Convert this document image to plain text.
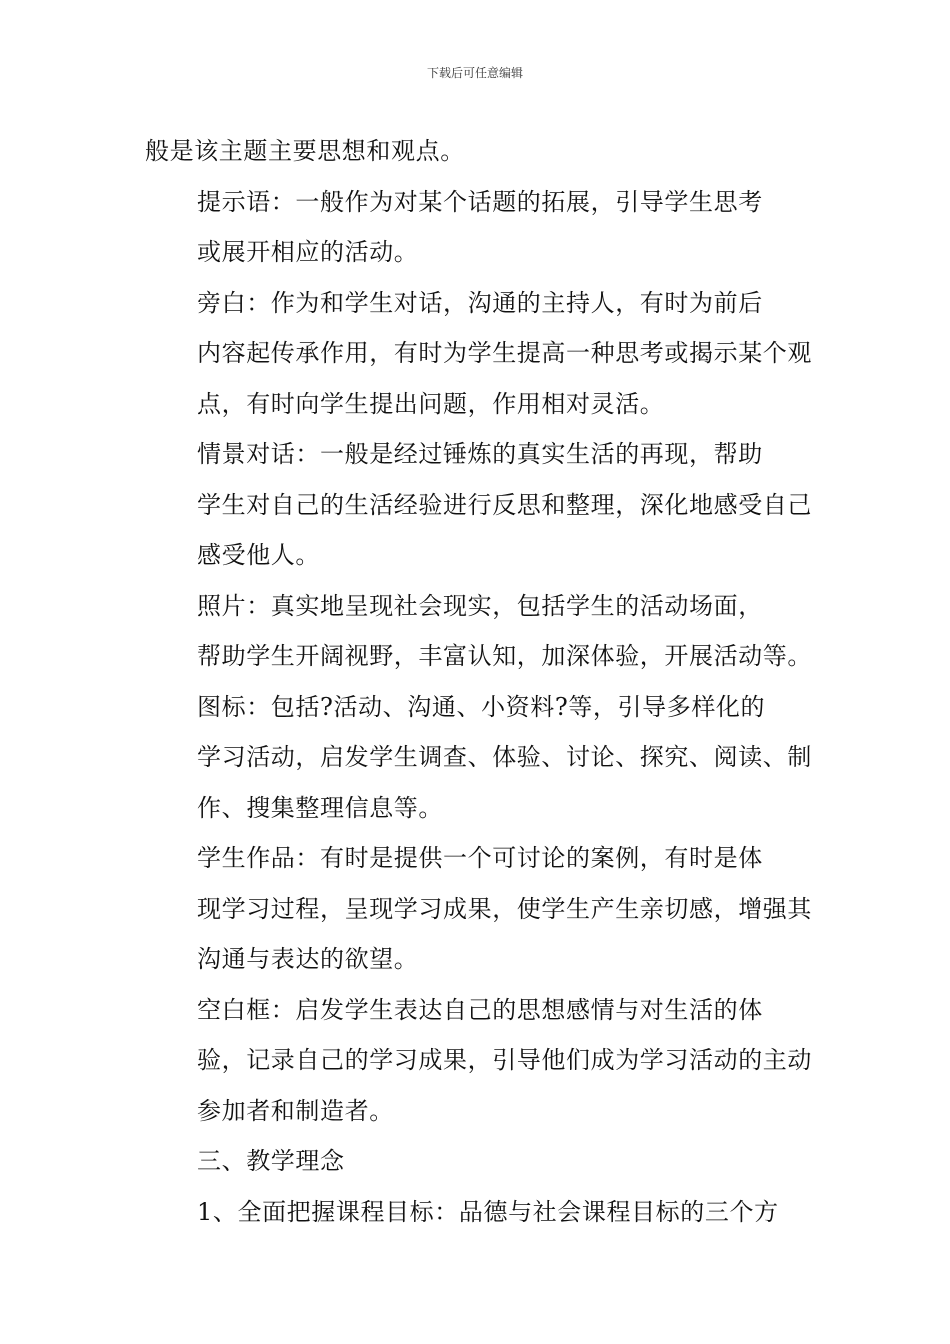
下载后可任意编辑

般是该主题主要思想和观点。

提示语：一般作为对某个话题的拓展，引导学生思考
或展开相应的活动。

旁白：作为和学生对话，沟通的主持人，有时为前后
内容起传承作用，有时为学生提高一种思考或揭示某个观
点，有时向学生提出问题，作用相对灵活。

情景对话：一般是经过锤炼的真实生活的再现，帮助
学生对自己的生活经验进行反思和整理，深化地感受自己
感受他人。

照片：真实地呈现社会现实，包括学生的活动场面，
帮助学生开阔视野，丰富认知，加深体验，开展活动等。

图标：包括?活动、沟通、小资料?等，引导多样化的
学习活动，启发学生调查、体验、讨论、探究、阅读、制
作、搜集整理信息等。

学生作品：有时是提供一个可讨论的案例，有时是体
现学习过程，呈现学习成果，使学生产生亲切感，增强其
沟通与表达的欲望。

空白框：启发学生表达自己的思想感情与对生活的体
验，记录自己的学习成果，引导他们成为学习活动的主动
参加者和制造者。

三、教学理念

1、全面把握课程目标：品德与社会课程目标的三个方
